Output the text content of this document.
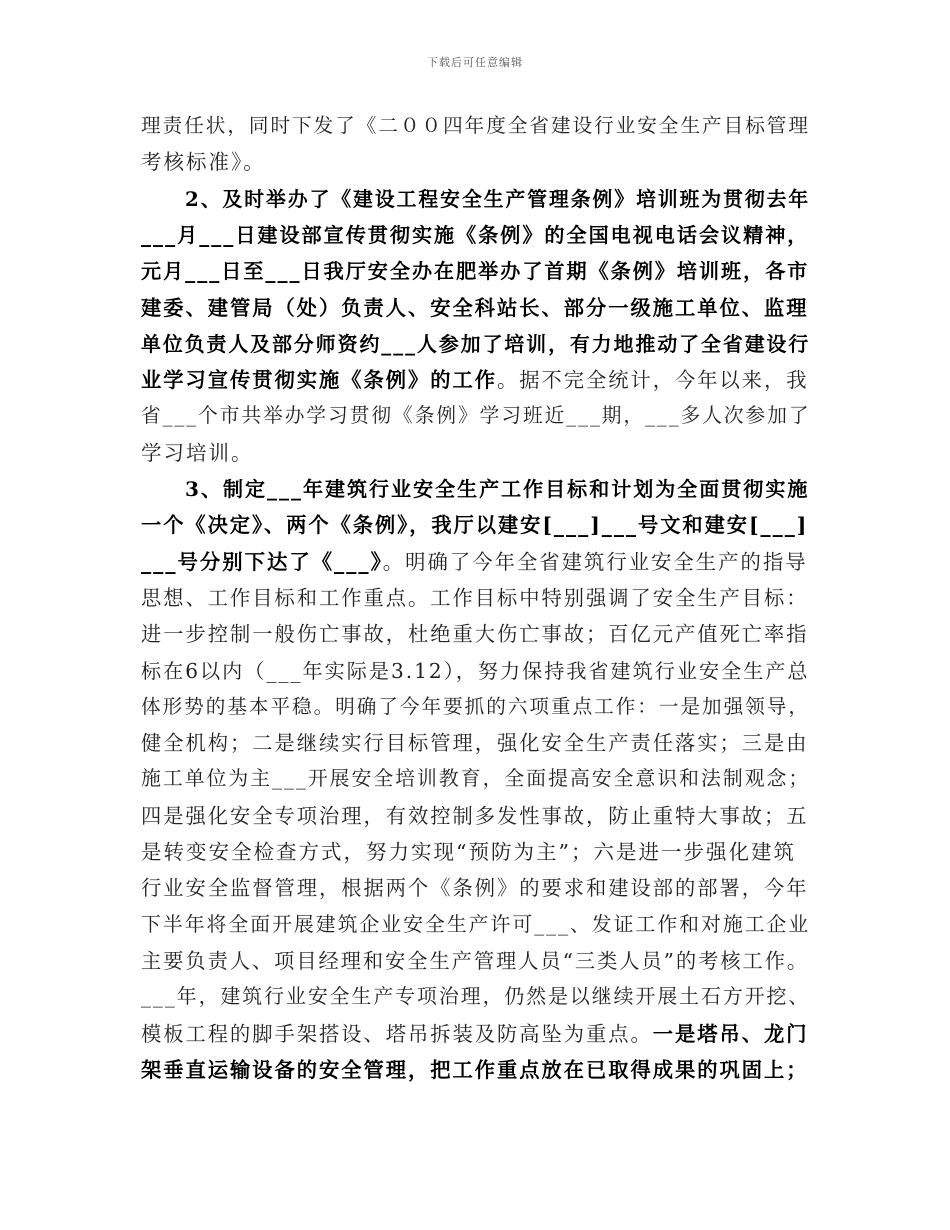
下载后可任意编辑
理责任状，同时下发了《二００四年度全省建设行业安全生产目标管理
考核标准》。
2、及时举办了《建设工程安全生产管理条例》培训班为贯彻去年
___月___日建设部宣传贯彻实施《条例》的全国电视电话会议精神，
元月___日至___日我厅安全办在肥举办了首期《条例》培训班，各市
建委、建管局（处）负责人、安全科站长、部分一级施工单位、监理
单位负责人及部分师资约___人参加了培训，有力地推动了全省建设行
业学习宣传贯彻实施《条例》的工作。据不完全统计，今年以来，我
省___个市共举办学习贯彻《条例》学习班近___期，___多人次参加了
学习培训。
3、制定___年建筑行业安全生产工作目标和计划为全面贯彻实施
一个《决定》、两个《条例》，我厅以建安[___]___号文和建安[___]
___号分别下达了《___》。明确了今年全省建筑行业安全生产的指导
思想、工作目标和工作重点。工作目标中特别强调了安全生产目标：
进一步控制一般伤亡事故，杜绝重大伤亡事故；百亿元产值死亡率指
标在6以内（___年实际是3.12），努力保持我省建筑行业安全生产总
体形势的基本平稳。明确了今年要抓的六项重点工作：一是加强领导，
健全机构；二是继续实行目标管理，强化安全生产责任落实；三是由
施工单位为主___开展安全培训教育，全面提高安全意识和法制观念；
四是强化安全专项治理，有效控制多发性事故，防止重特大事故；五
是转变安全检查方式，努力实现“预防为主”；六是进一步强化建筑
行业安全监督管理，根据两个《条例》的要求和建设部的部署，今年
下半年将全面开展建筑企业安全生产许可___、发证工作和对施工企业
主要负责人、项目经理和安全生产管理人员“三类人员”的考核工作。
___年，建筑行业安全生产专项治理，仍然是以继续开展土石方开挖、
模板工程的脚手架搭设、塔吊拆装及防高坠为重点。一是塔吊、龙门
架垂直运输设备的安全管理，把工作重点放在已取得成果的巩固上；
